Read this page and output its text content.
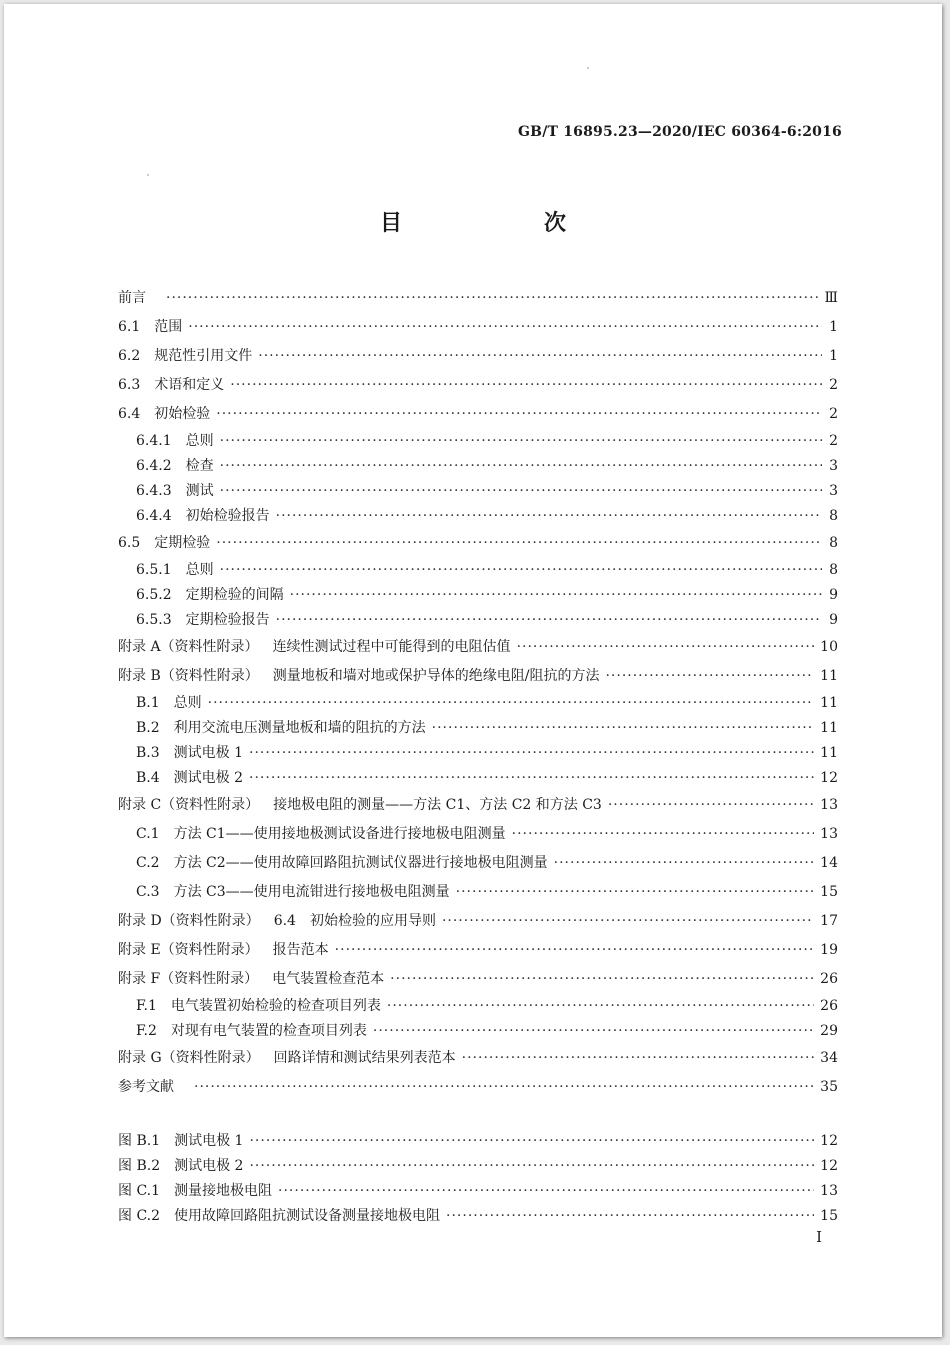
GB/T 16895.23—2020/IEC 60364-6:2016
目　次
前言 ·····	Ⅲ
6.1 范围 ·····	1
6.2 规范性引用文件 ·····	1
6.3 术语和定义 ·····	2
6.4 初始检验 ·····	2
6.4.1 总则 ·····	2
6.4.2 检查 ·····	3
6.4.3 测试 ·····	3
6.4.4 初始检验报告 ·····	8
6.5 定期检验 ·····	8
6.5.1 总则 ·····	8
6.5.2 定期检验的间隔 ·····	9
6.5.3 定期检验报告 ·····	9
附录 A（资料性附录） 连续性测试过程中可能得到的电阻估值 ·····	10
附录 B（资料性附录） 测量地板和墙对地或保护导体的绝缘电阻/阻抗的方法 ·····	11
B.1 总则 ·····	11
B.2 利用交流电压测量地板和墙的阻抗的方法 ·····	11
B.3 测试电极 1 ·····	11
B.4 测试电极 2 ·····	12
附录 C（资料性附录） 接地极电阻的测量——方法 C1、方法 C2 和方法 C3 ·····	13
C.1 方法 C1——使用接地极测试设备进行接地极电阻测量 ·····	13
C.2 方法 C2——使用故障回路阻抗测试仪器进行接地极电阻测量 ·····	14
C.3 方法 C3——使用电流钳进行接地极电阻测量 ·····	15
附录 D（资料性附录） 6.4　初始检验的应用导则 ·····	17
附录 E（资料性附录） 报告范本 ·····	19
附录 F（资料性附录） 电气装置检查范本 ·····	26
F.1 电气装置初始检验的检查项目列表 ·····	26
F.2 对现有电气装置的检查项目列表 ·····	29
附录 G（资料性附录） 回路详情和测试结果列表范本 ·····	34
参考文献 ·····	35
图 B.1 测试电极 1 ·····	12
图 B.2 测试电极 2 ·····	12
图 C.1 测量接地极电阻 ·····	13
图 C.2 使用故障回路阻抗测试设备测量接地极电阻 ·····	15
I
